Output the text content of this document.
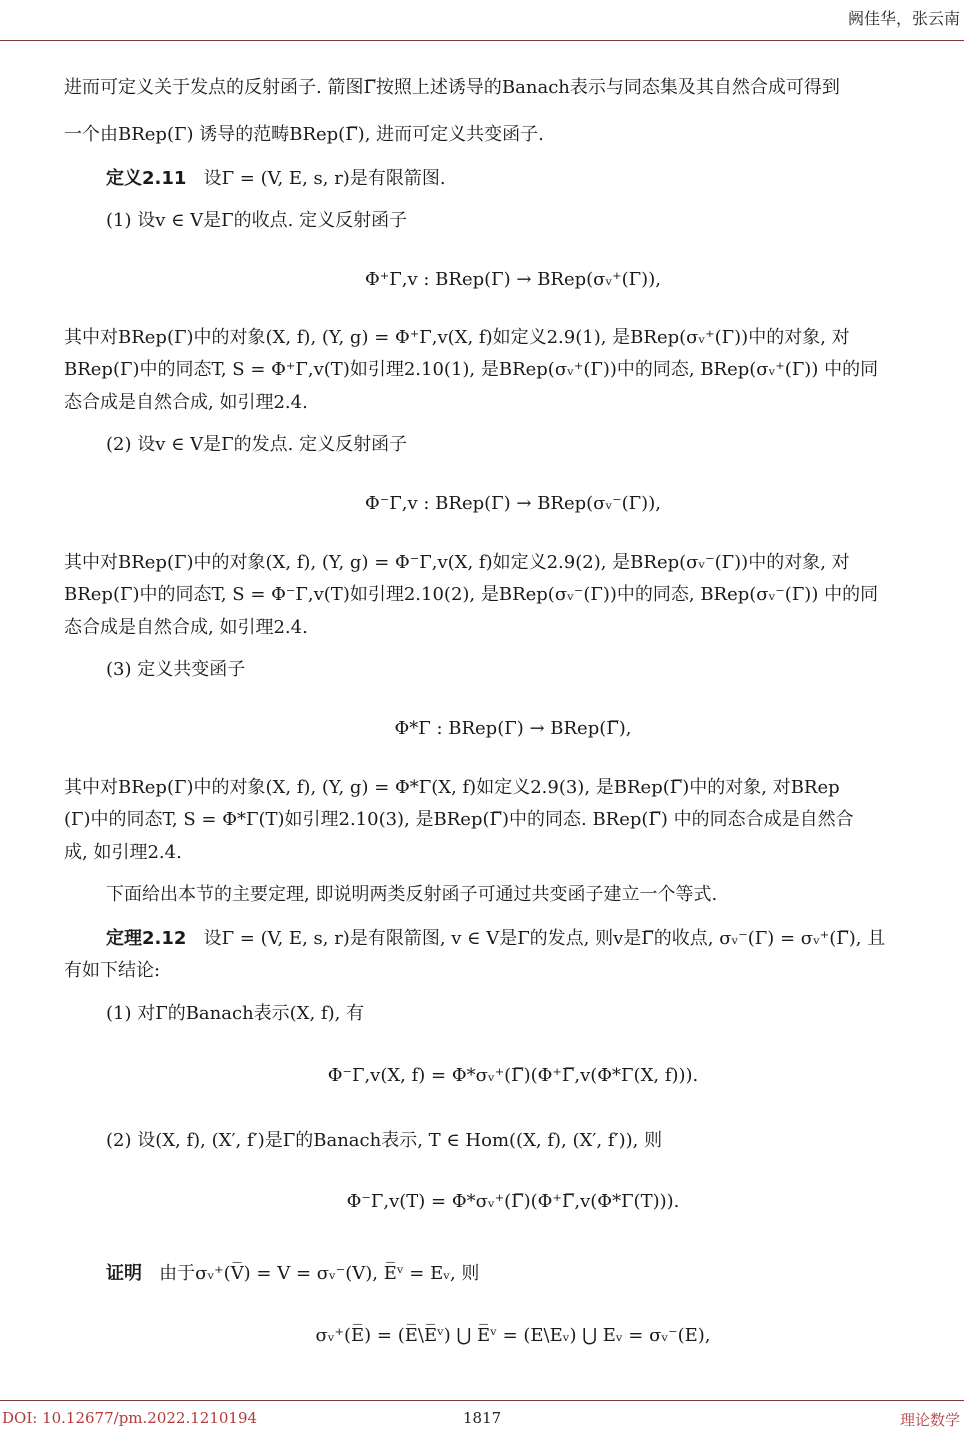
阙佳华，张云南
进而可定义关于发点的反射函子. 箭图Γ̅按照上述诱导的Banach表示与同态集及其自然合成可得到
一个由BRep(Γ) 诱导的范畴BRep(Γ̅), 进而可定义共变函子.
定义2.11 设Γ = (V, E, s, r)是有限箭图.
(1) 设v ∈ V是Γ的收点. 定义反射函子
Φ⁺Γ,v : BRep(Γ) → BRep(σᵥ⁺(Γ)),
其中对BRep(Γ)中的对象(X, f), (Y, g) = Φ⁺Γ,v(X, f)如定义2.9(1), 是BRep(σᵥ⁺(Γ))中的对象, 对
BRep(Γ)中的同态T, S = Φ⁺Γ,v(T)如引理2.10(1), 是BRep(σᵥ⁺(Γ))中的同态, BRep(σᵥ⁺(Γ)) 中的同
态合成是自然合成, 如引理2.4.
(2) 设v ∈ V是Γ的发点. 定义反射函子
Φ⁻Γ,v : BRep(Γ) → BRep(σᵥ⁻(Γ)),
其中对BRep(Γ)中的对象(X, f), (Y, g) = Φ⁻Γ,v(X, f)如定义2.9(2), 是BRep(σᵥ⁻(Γ))中的对象, 对
BRep(Γ)中的同态T, S = Φ⁻Γ,v(T)如引理2.10(2), 是BRep(σᵥ⁻(Γ))中的同态, BRep(σᵥ⁻(Γ)) 中的同
态合成是自然合成, 如引理2.4.
(3) 定义共变函子
Φ*Γ : BRep(Γ) → BRep(Γ̅),
其中对BRep(Γ)中的对象(X, f), (Y, g) = Φ*Γ(X, f)如定义2.9(3), 是BRep(Γ̅)中的对象, 对BRep
(Γ)中的同态T, S = Φ*Γ(T)如引理2.10(3), 是BRep(Γ̅)中的同态. BRep(Γ̅) 中的同态合成是自然合
成, 如引理2.4.
下面给出本节的主要定理, 即说明两类反射函子可通过共变函子建立一个等式.
定理2.12 设Γ = (V, E, s, r)是有限箭图, v ∈ V是Γ的发点, 则v是Γ̅的收点, σᵥ⁻(Γ) = σᵥ⁺(Γ̅), 且
有如下结论:
(1) 对Γ的Banach表示(X, f), 有
Φ⁻Γ,v(X, f) = Φ*σᵥ⁺(Γ̅)(Φ⁺Γ̅,v(Φ*Γ(X, f))).
(2) 设(X, f), (X′, f′)是Γ的Banach表示, T ∈ Hom((X, f), (X′, f′)), 则
Φ⁻Γ,v(T) = Φ*σᵥ⁺(Γ̅)(Φ⁺Γ̅,v(Φ*Γ(T))).
证明 由于σᵥ⁺(V̅) = V = σᵥ⁻(V), E̅ᵛ = Eᵥ, 则
σᵥ⁺(E̅) = (E̅\E̅ᵛ) ⋃ E̅ᵛ = (E\Eᵥ) ⋃ Eᵥ = σᵥ⁻(E),
DOI: 10.12677/pm.2022.1210194	1817	理论数学
